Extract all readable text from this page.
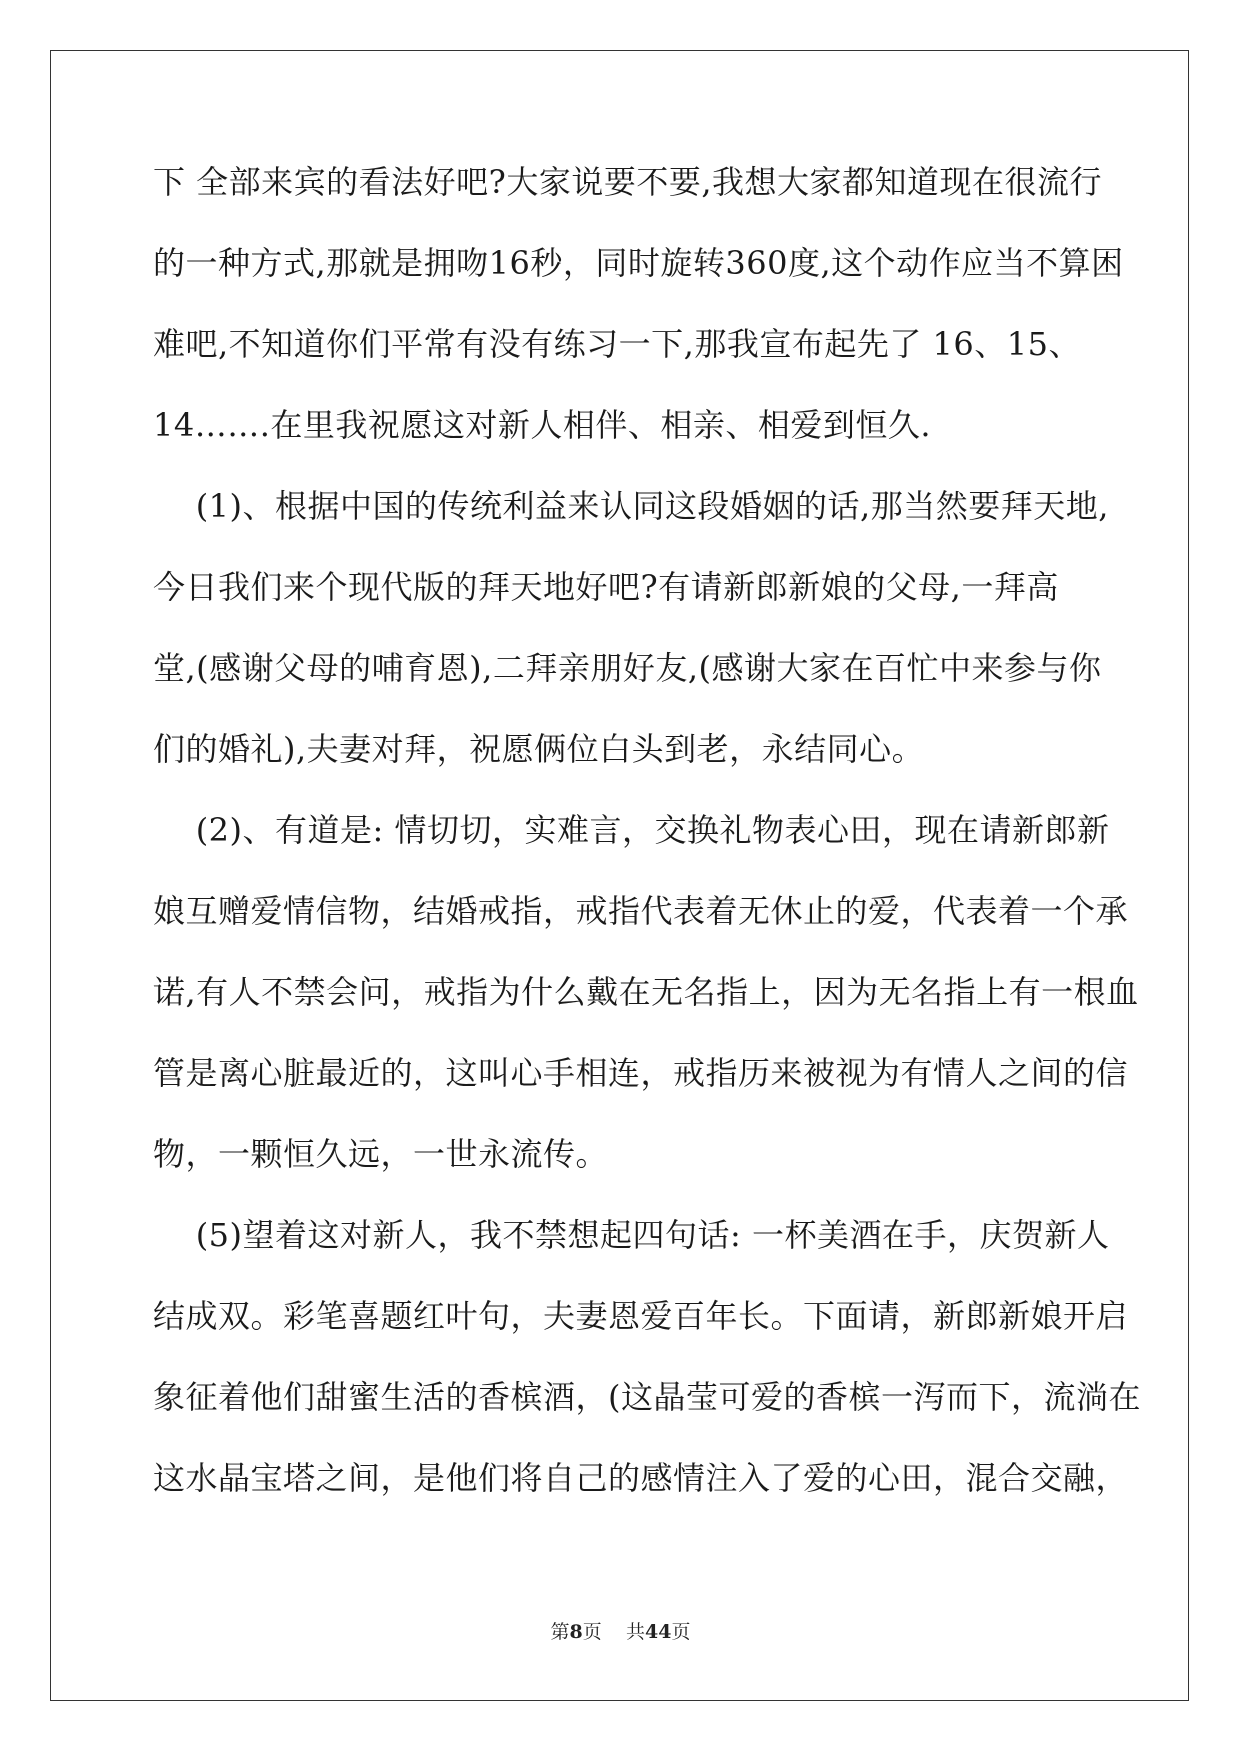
下 全部来宾的看法好吧?大家说要不要,我想大家都知道现在很流行
的一种方式,那就是拥吻16秒，同时旋转360度,这个动作应当不算困
难吧,不知道你们平常有没有练习一下,那我宣布起先了 16、15、
14…….在里我祝愿这对新人相伴、相亲、相爱到恒久.
(1)、根据中国的传统利益来认同这段婚姻的话,那当然要拜天地,
今日我们来个现代版的拜天地好吧?有请新郎新娘的父母,一拜高
堂,(感谢父母的哺育恩),二拜亲朋好友,(感谢大家在百忙中来参与你
们的婚礼),夫妻对拜，祝愿俩位白头到老，永结同心。
(2)、有道是: 情切切，实难言，交换礼物表心田，现在请新郎新
娘互赠爱情信物，结婚戒指，戒指代表着无休止的爱，代表着一个承
诺,有人不禁会问，戒指为什么戴在无名指上，因为无名指上有一根血
管是离心脏最近的，这叫心手相连，戒指历来被视为有情人之间的信
物，一颗恒久远，一世永流传。
(5)望着这对新人，我不禁想起四句话: 一杯美酒在手，庆贺新人
结成双。彩笔喜题红叶句，夫妻恩爱百年长。下面请，新郎新娘开启
象征着他们甜蜜生活的香槟酒，(这晶莹可爱的香槟一泻而下，流淌在
这水晶宝塔之间，是他们将自己的感情注入了爱的心田，混合交融，
第8页 共44页
